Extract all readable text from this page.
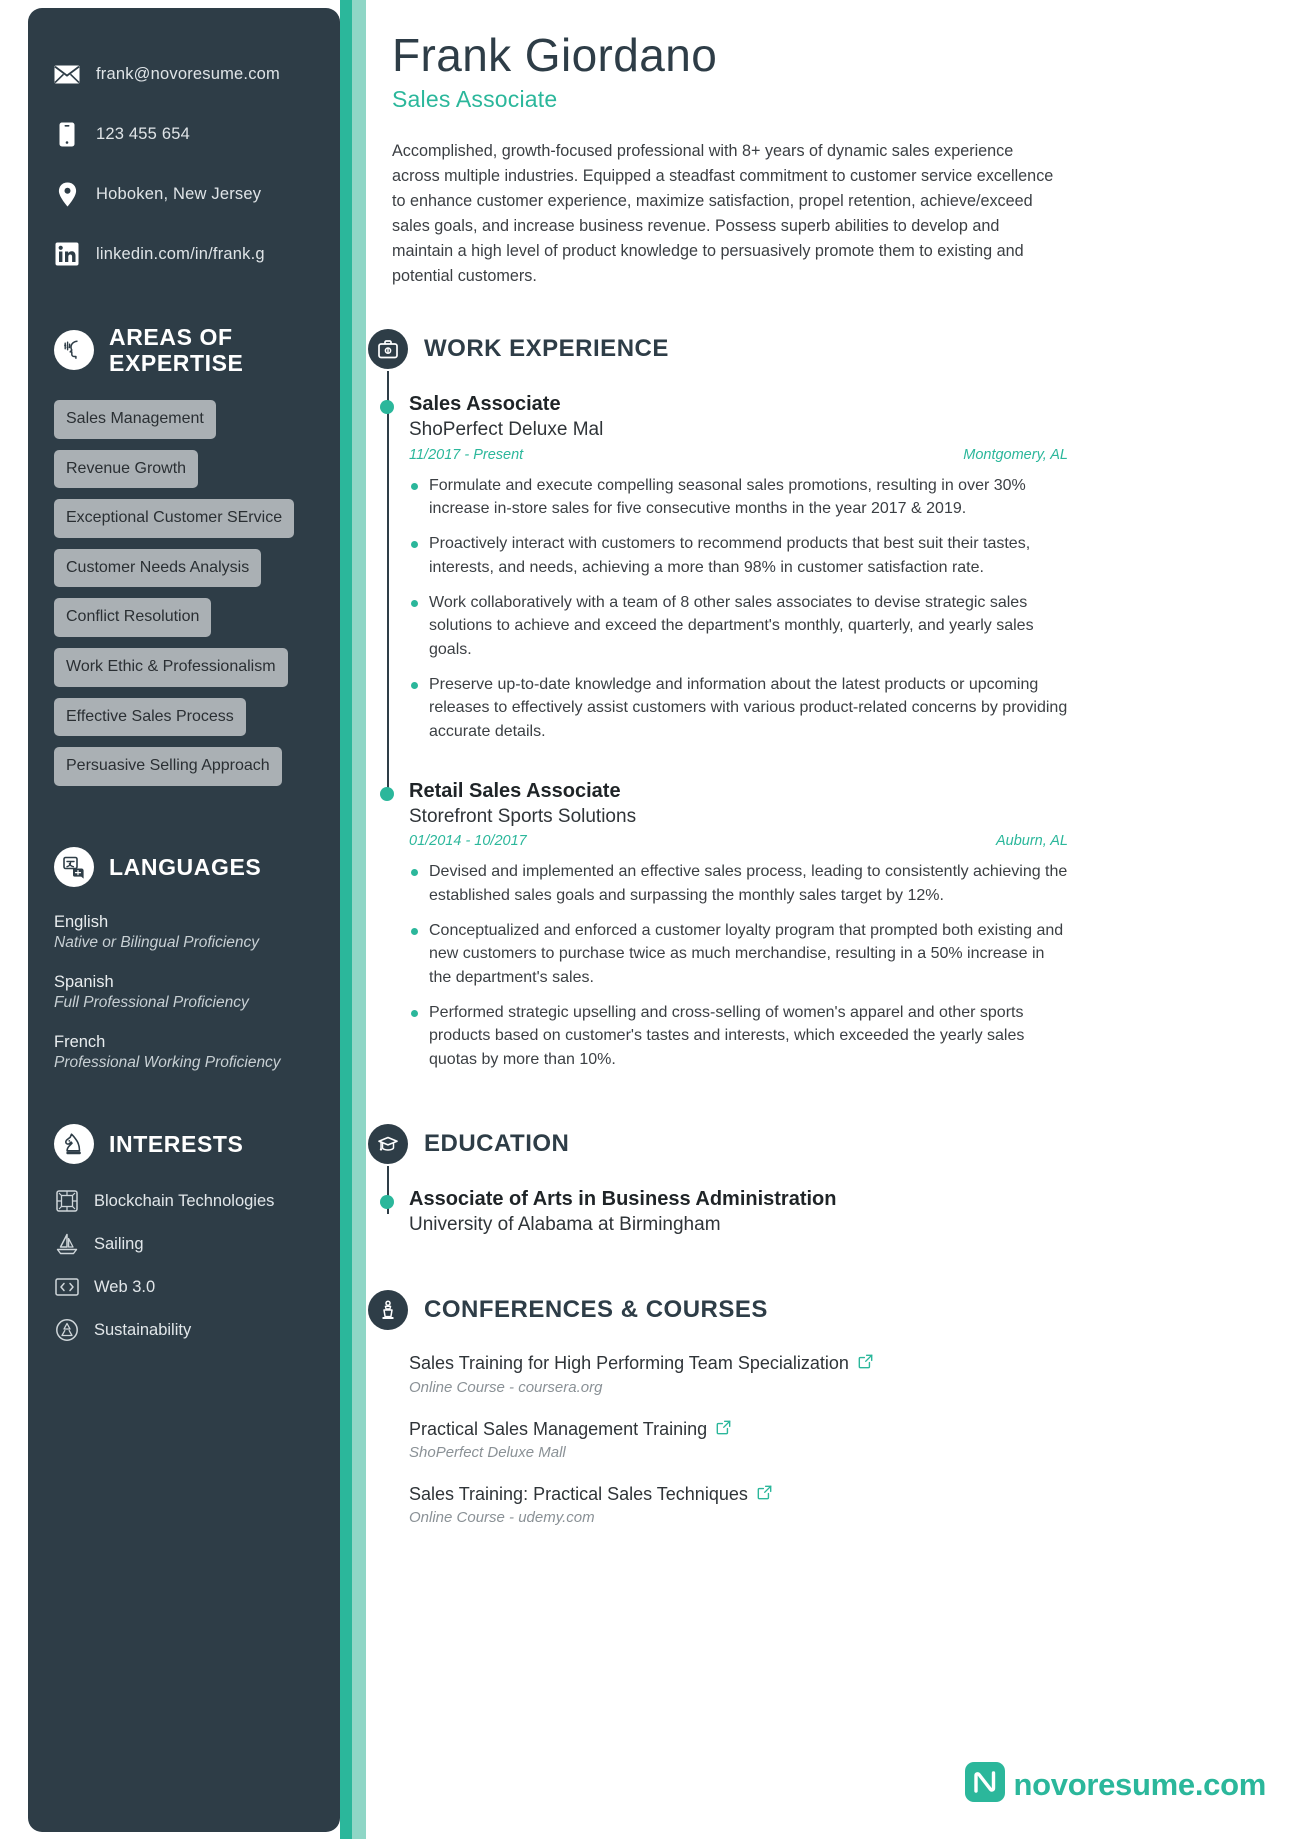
frank@novoresume.com
123 455 654
Hoboken, New Jersey
linkedin.com/in/frank.g
AREAS OF EXPERTISE
Sales Management Revenue Growth Exceptional Customer SErvice Customer Needs Analysis Conflict Resolution Work Ethic & Professionalism Effective Sales Process Persuasive Selling Approach
LANGUAGES
English
Native or Bilingual Proficiency
Spanish
Full Professional Proficiency
French
Professional Working Proficiency
INTERESTS
Blockchain Technologies
Sailing
Web 3.0
Sustainability
Frank Giordano
Sales Associate
Accomplished, growth-focused professional with 8+ years of dynamic sales experience across multiple industries. Equipped a steadfast commitment to customer service excellence to enhance customer experience, maximize satisfaction, propel retention, achieve/exceed sales goals, and increase business revenue. Possess superb abilities to develop and maintain a high level of product knowledge to persuasively promote them to existing and potential customers.
WORK EXPERIENCE
Sales Associate
ShoPerfect Deluxe Mal
11/2017 - Present	Montgomery, AL
Formulate and execute compelling seasonal sales promotions, resulting in over 30% increase in-store sales for five consecutive months in the year 2017 & 2019.
Proactively interact with customers to recommend products that best suit their tastes, interests, and needs, achieving a more than 98% in customer satisfaction rate.
Work collaboratively with a team of 8 other sales associates to devise strategic sales solutions to achieve and exceed the department's monthly, quarterly, and yearly sales goals.
Preserve up-to-date knowledge and information about the latest products or upcoming releases to effectively assist customers with various product-related concerns by providing accurate details.
Retail Sales Associate
Storefront Sports Solutions
01/2014 - 10/2017	Auburn, AL
Devised and implemented an effective sales process, leading to consistently achieving the established sales goals and surpassing the monthly sales target by 12%.
Conceptualized and enforced a customer loyalty program that prompted both existing and new customers to purchase twice as much merchandise, resulting in a 50% increase in the department's sales.
Performed strategic upselling and cross-selling of women's apparel and other sports products based on customer's tastes and interests, which exceeded the yearly sales quotas by more than 10%.
EDUCATION
Associate of Arts in Business Administration
University of Alabama at Birmingham
CONFERENCES & COURSES
Sales Training for High Performing Team Specialization
Online Course - coursera.org
Practical Sales Management Training
ShoPerfect Deluxe Mall
Sales Training: Practical Sales Techniques
Online Course - udemy.com
novoresume.com
